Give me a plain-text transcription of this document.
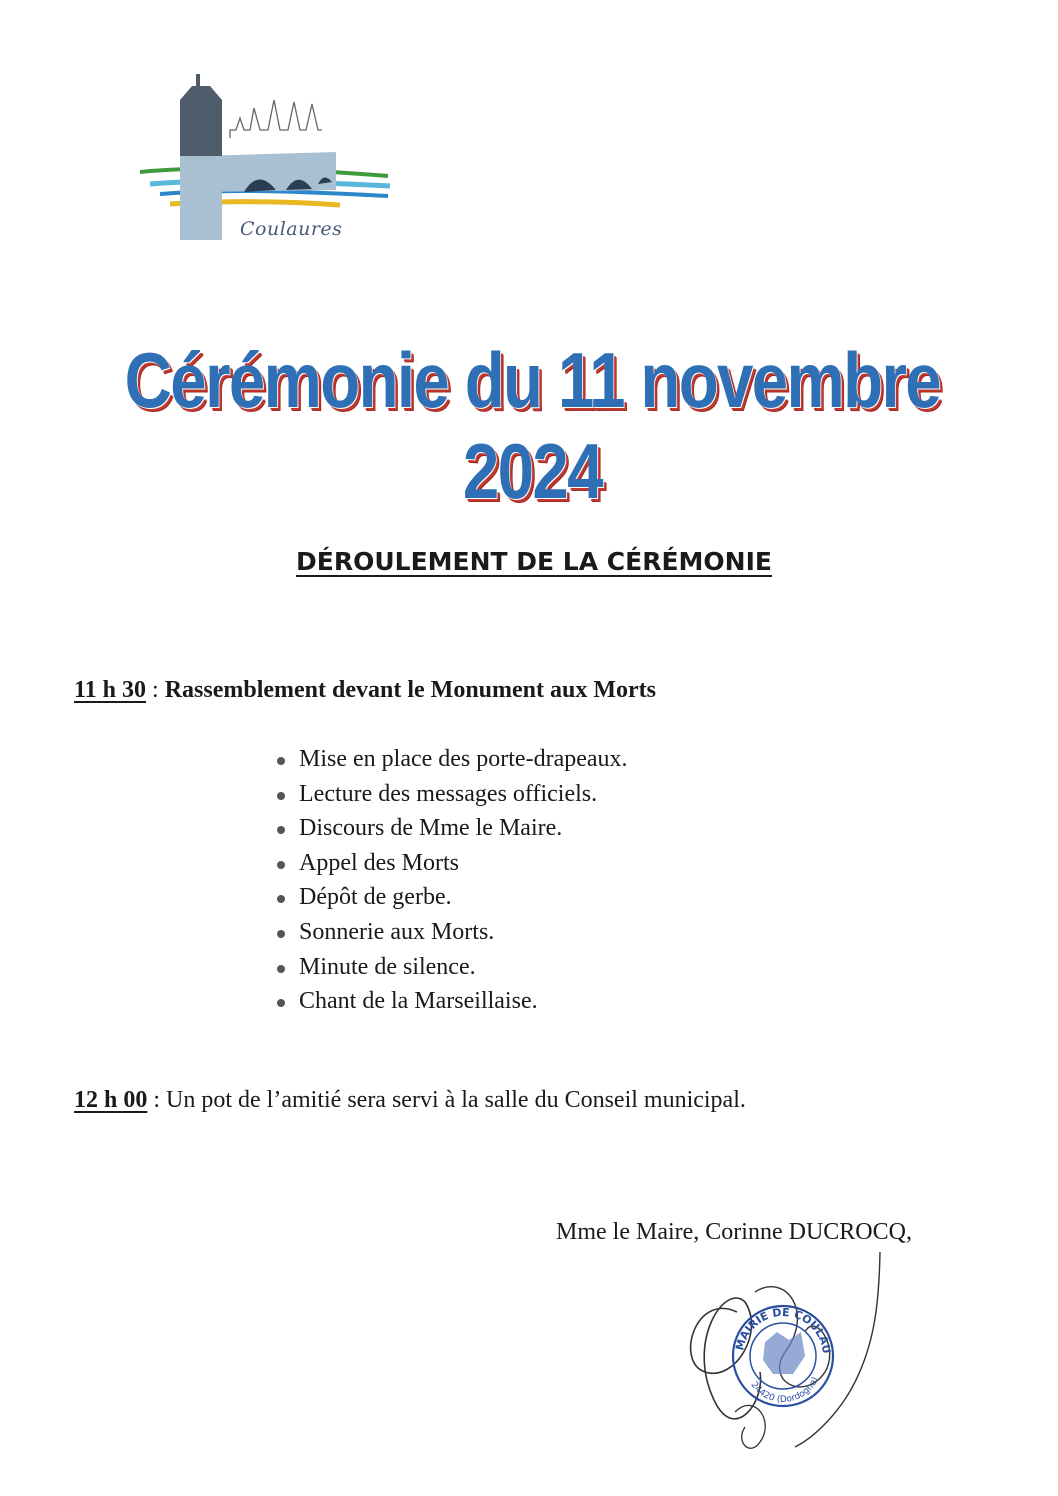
Coulaures
Cérémonie du 11 novembre 2024
DÉROULEMENT DE LA CÉRÉMONIE
11 h 30 : Rassemblement devant le Monument aux Morts
Mise en place des porte-drapeaux.
Lecture des messages officiels.
Discours de Mme le Maire.
Appel des Morts
Dépôt de gerbe.
Sonnerie aux Morts.
Minute de silence.
Chant de la Marseillaise.
12 h 00 : Un pot de l’amitié sera servi à la salle du Conseil municipal.
Mme le Maire, Corinne DUCROCQ,
MAIRIE DE COULAU
24420 (Dordogne)
